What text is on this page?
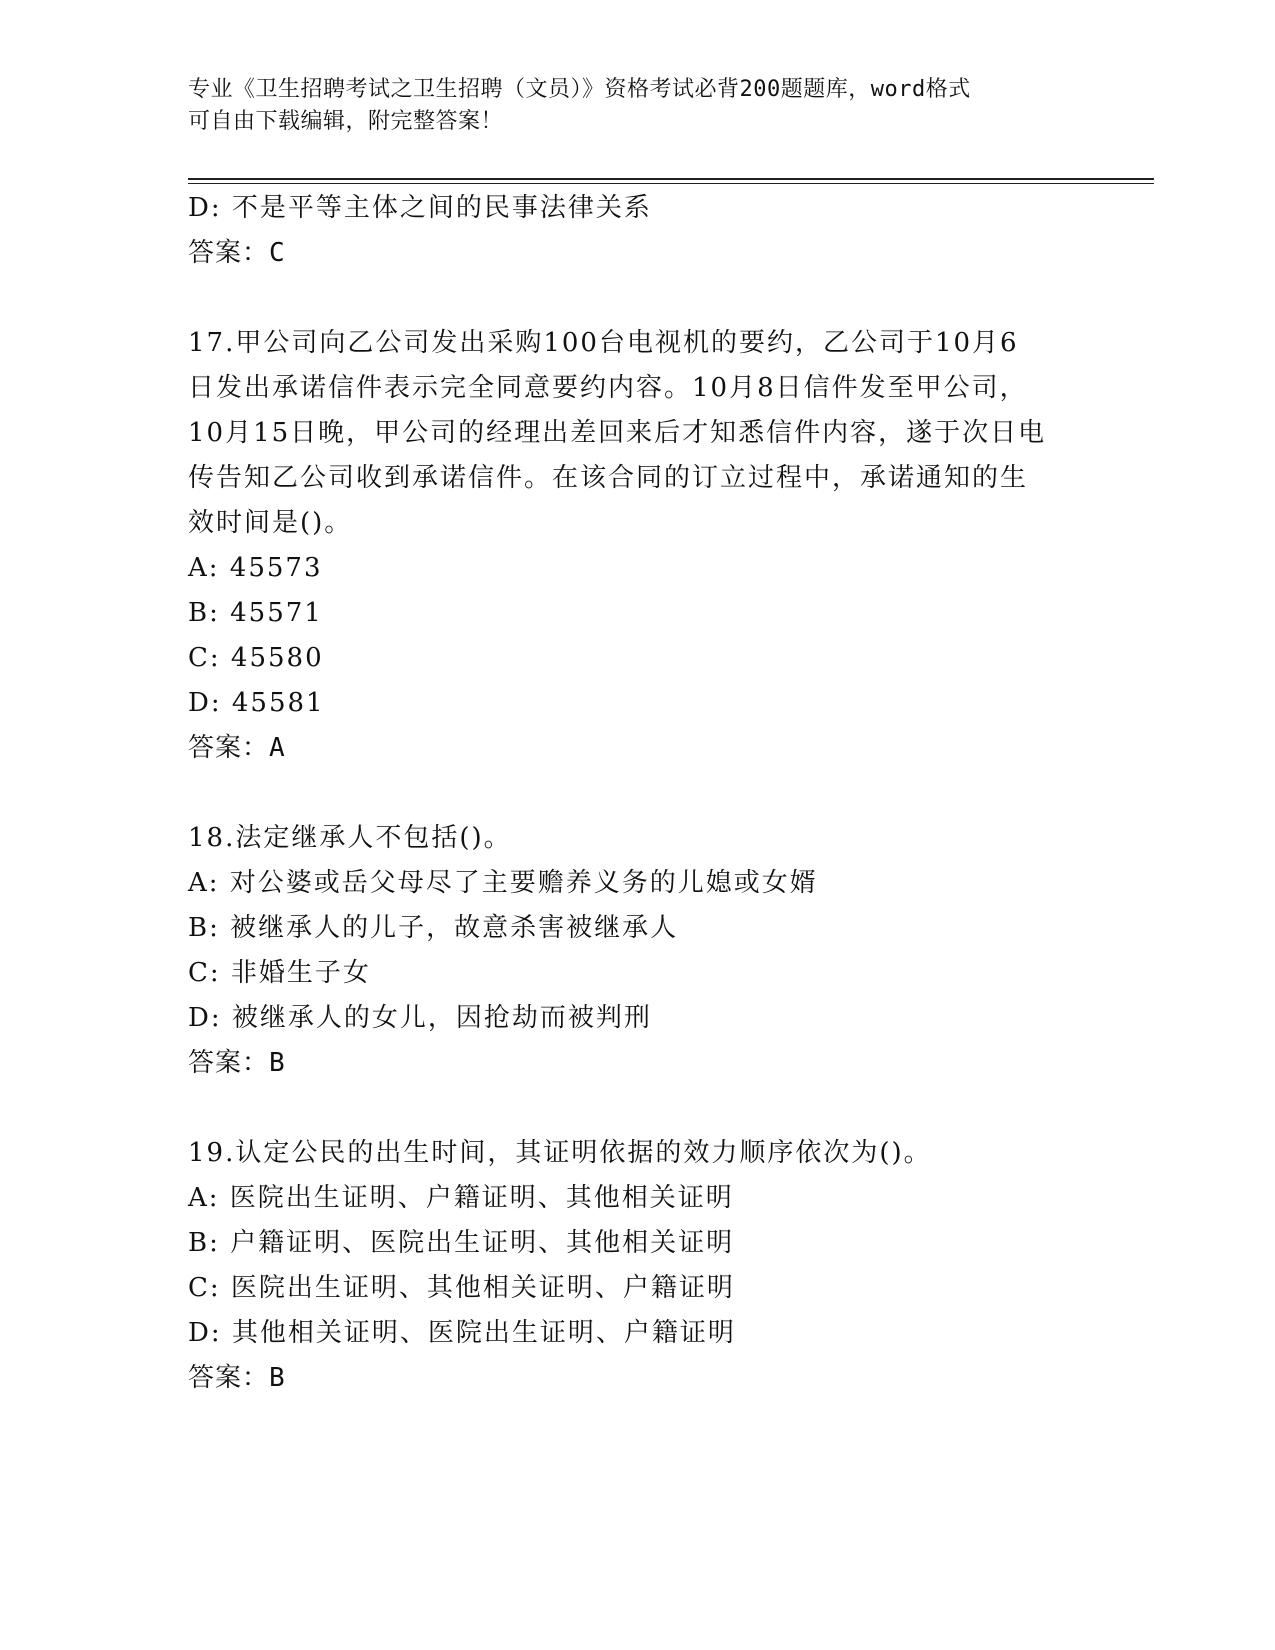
专业《卫生招聘考试之卫生招聘（文员）》资格考试必背200题题库，word格式
可自由下载编辑，附完整答案！
D: 不是平等主体之间的民事法律关系
答案：C
17.甲公司向乙公司发出采购100台电视机的要约，乙公司于10月6
日发出承诺信件表示完全同意要约内容。10月8日信件发至甲公司，
10月15日晚，甲公司的经理出差回来后才知悉信件内容，遂于次日电
传告知乙公司收到承诺信件。在该合同的订立过程中，承诺通知的生
效时间是()。
A: 45573
B: 45571
C: 45580
D: 45581
答案：A
18.法定继承人不包括()。
A: 对公婆或岳父母尽了主要赡养义务的儿媳或女婿
B: 被继承人的儿子，故意杀害被继承人
C: 非婚生子女
D: 被继承人的女儿，因抢劫而被判刑
答案：B
19.认定公民的出生时间，其证明依据的效力顺序依次为()。
A: 医院出生证明、户籍证明、其他相关证明
B: 户籍证明、医院出生证明、其他相关证明
C: 医院出生证明、其他相关证明、户籍证明
D: 其他相关证明、医院出生证明、户籍证明
答案：B
